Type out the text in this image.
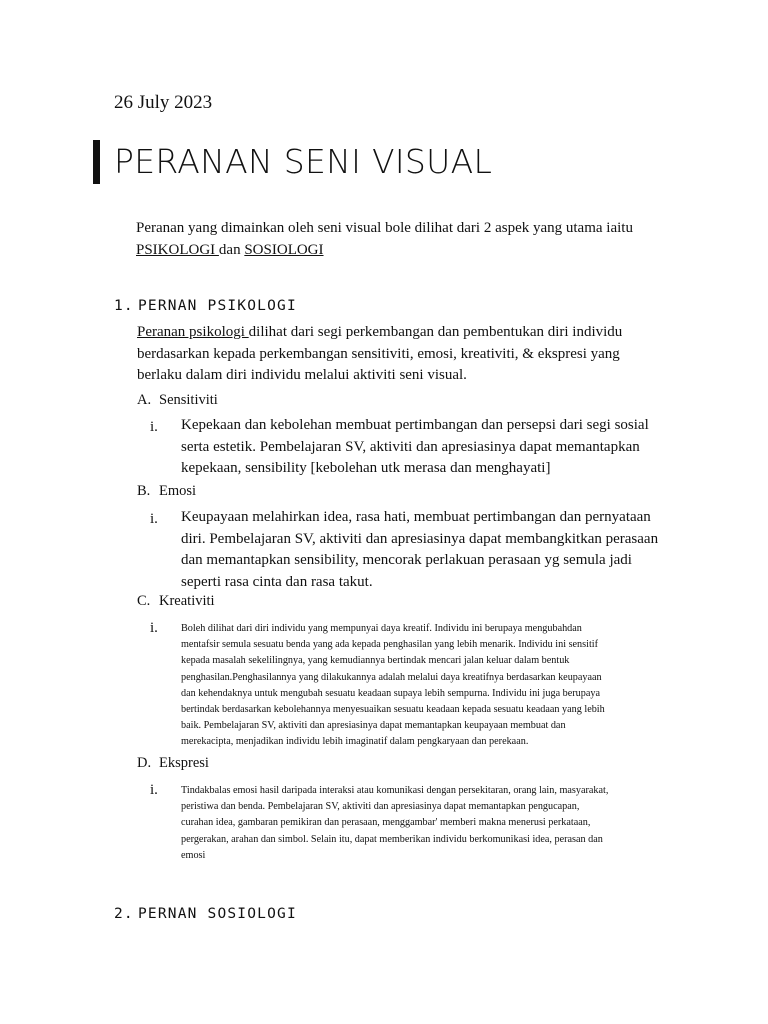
26 July 2023
PERANAN SENI VISUAL
Peranan yang dimainkan oleh seni visual bole dilihat dari 2 aspek yang utama iaitu
PSIKOLOGI dan SOSIOLOGI
1. PERNAN PSIKOLOGI
Peranan psikologi dilihat dari segi perkembangan dan pembentukan diri individu
berdasarkan kepada perkembangan sensitiviti, emosi, kreativiti, & ekspresi yang
berlaku dalam diri individu melalui aktiviti seni visual.
A. Sensitiviti
i. Kepekaan dan kebolehan membuat pertimbangan dan persepsi dari segi sosial
serta estetik. Pembelajaran SV, aktiviti dan apresiasinya dapat memantapkan
kepekaan, sensibility [kebolehan utk merasa dan menghayati]
B. Emosi
i. Keupayaan melahirkan idea, rasa hati, membuat pertimbangan dan pernyataan
diri. Pembelajaran SV, aktiviti dan apresiasinya dapat membangkitkan perasaan
dan memantapkan sensibility, mencorak perlakuan perasaan yg semula jadi
seperti rasa cinta dan rasa takut.
C. Kreativiti
i. Boleh dilihat dari diri individu yang mempunyai daya kreatif. Individu ini berupaya mengubahdan
mentafsir semula sesuatu benda yang ada kepada penghasilan yang lebih menarik. Individu ini sensitif
kepada masalah sekelilingnya, yang kemudiannya bertindak mencari jalan keluar dalam bentuk
penghasilan.Penghasilannya yang dilakukannya adalah melalui daya kreatifnya berdasarkan keupayaan
dan kehendaknya untuk mengubah sesuatu keadaan supaya lebih sempurna. Individu ini juga berupaya
bertindak berdasarkan kebolehannya menyesuaikan sesuatu keadaan kepada sesuatu keadaan yang lebih
baik. Pembelajaran SV, aktiviti dan apresiasinya dapat memantapkan keupayaan membuat dan
merekacipta, menjadikan individu lebih imaginatif dalam pengkaryaan dan perekaan.
D. Ekspresi
i. Tindakbalas emosi hasil daripada interaksi atau komunikasi dengan persekitaran, orang lain, masyarakat,
peristiwa dan benda. Pembelajaran SV, aktiviti dan apresiasinya dapat memantapkan pengucapan,
curahan idea, gambaran pemikiran dan perasaan, menggambar' memberi makna menerusi perkataan,
pergerakan, arahan dan simbol. Selain itu, dapat memberikan individu berkomunikasi idea, perasan dan
emosi
2. PERNAN SOSIOLOGI
